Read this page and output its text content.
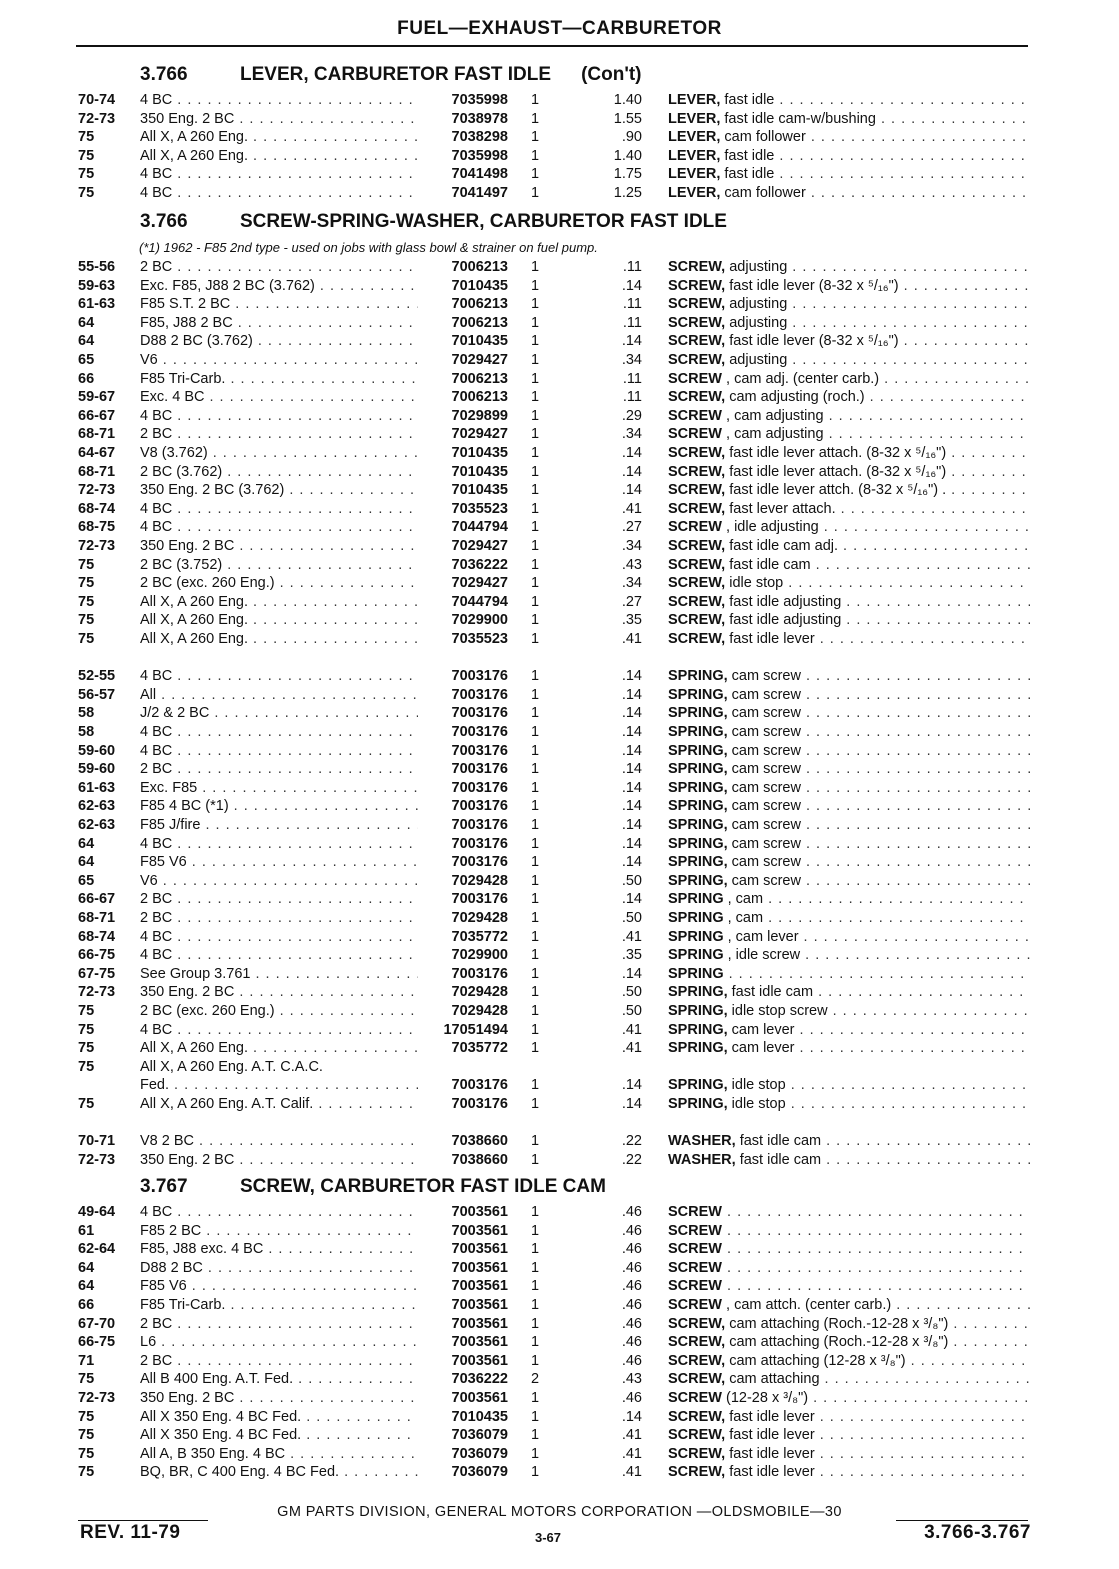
FUEL—EXHAUST—CARBURETOR
3.766	LEVER, CARBURETOR FAST IDLE (Con't)
70-74	4 BC . . .	7035998	1	1.40 LEVER, fast idle . . .
72-73	350 Eng. 2 BC . . .	7038978	1	1.55 LEVER, fast idle cam-w/bushing . . .
75	All X, A 260 Eng. . . .	7038298	1	.90 LEVER, cam follower . . .
75	All X, A 260 Eng. . . .	7035998	1	1.40 LEVER, fast idle . . .
75	4 BC . . .	7041498	1	1.75 LEVER, fast idle . . .
75	4 BC . . .	7041497	1	1.25 LEVER, cam follower . . .
3.766	SCREW-SPRING-WASHER, CARBURETOR FAST IDLE
(*1) 1962 - F85 2nd type - used on jobs with glass bowl & strainer on fuel pump.
55-56	2 BC . . .	7006213	1	.11 SCREW, adjusting . . .
59-63	Exc. F85, J88 2 BC (3.762) . . .	7010435	1	.14 SCREW, fast idle lever (8-32 x ⁵/₁₆") . . .
61-63	F85 S.T. 2 BC . . .	7006213	1	.11 SCREW, adjusting . . .
64	F85, J88 2 BC . . .	7006213	1	.11 SCREW, adjusting . . .
64	D88 2 BC (3.762) . . .	7010435	1	.14 SCREW, fast idle lever (8-32 x ⁵/₁₆") . . .
65	V6 . . .	7029427	1	.34 SCREW, adjusting . . .
66	F85 Tri-Carb. . . .	7006213	1	.11 SCREW , cam adj. (center carb.) . . .
59-67	Exc. 4 BC . . .	7006213	1	.11 SCREW, cam adjusting (roch.) . . .
66-67	4 BC . . .	7029899	1	.29 SCREW , cam adjusting . . .
68-71	2 BC . . .	7029427	1	.34 SCREW , cam adjusting . . .
64-67	V8 (3.762) . . .	7010435	1	.14 SCREW, fast idle lever attach. (8-32 x ⁵/₁₆") . . .
68-71	2 BC (3.762) . . .	7010435	1	.14 SCREW, fast idle lever attach. (8-32 x ⁵/₁₆") . . .
72-73	350 Eng. 2 BC (3.762) . . .	7010435	1	.14 SCREW, fast idle lever attch. (8-32 x ⁵/₁₆") . . . .
68-74	4 BC . . .	7035523	1	.41 SCREW, fast lever attach. . . .
68-75	4 BC . . .	7044794	1	.27 SCREW , idle adjusting . . .
72-73	350 Eng. 2 BC . . .	7029427	1	.34 SCREW, fast idle cam adj. . . .
75	2 BC (3.752) . . .	7036222	1	.43 SCREW, fast idle cam . . .
75	2 BC (exc. 260 Eng.) . . .	7029427	1	.34 SCREW, idle stop . . .
75	All X, A 260 Eng. . . .	7044794	1	.27 SCREW, fast idle adjusting . . .
75	All X, A 260 Eng. . . .	7029900	1	.35 SCREW, fast idle adjusting . . .
75	All X, A 260 Eng. . . .	7035523	1	.41 SCREW, fast idle lever . . .
52-55	4 BC . . .	7003176	1	.14 SPRING, cam screw . . .
56-57	All . . .	7003176	1	.14 SPRING, cam screw . . .
58	J/2 & 2 BC . . .	7003176	1	.14 SPRING, cam screw . . .
58	4 BC . . .	7003176	1	.14 SPRING, cam screw . . .
59-60	4 BC . . .	7003176	1	.14 SPRING, cam screw . . .
59-60	2 BC . . .	7003176	1	.14 SPRING, cam screw . . .
61-63	Exc. F85 . . .	7003176	1	.14 SPRING, cam screw . . .
62-63	F85 4 BC (*1) . . .	7003176	1	.14 SPRING, cam screw . . .
62-63	F85 J/fire . . .	7003176	1	.14 SPRING, cam screw . . .
64	4 BC . . .	7003176	1	.14 SPRING, cam screw . . .
64	F85 V6 . . .	7003176	1	.14 SPRING, cam screw . . .
65	V6 . . .	7029428	1	.50 SPRING, cam screw . . .
66-67	2 BC . . .	7003176	1	.14 SPRING , cam . . .
68-71	2 BC . . .	7029428	1	.50 SPRING , cam . . .
68-74	4 BC . . .	7035772	1	.41 SPRING , cam lever . . .
66-75	4 BC . . .	7029900	1	.35 SPRING , idle screw . . .
67-75	See Group 3.761 . . .	7003176	1	.14 SPRING . . .
72-73	350 Eng. 2 BC . . .	7029428	1	.50 SPRING, fast idle cam . . .
75	2 BC (exc. 260 Eng.) . . .	7029428	1	.50 SPRING, idle stop screw . . .
75	4 BC . . .	17051494	1	.41 SPRING, cam lever . . .
75	All X, A 260 Eng. . . .	7035772	1	.41 SPRING, cam lever . . .
75	All X, A 260 Eng. A.T. C.A.C.
Fed. . . .	7003176	1	.14 SPRING, idle stop . . .
75	All X, A 260 Eng. A.T. Calif. . . .	7003176	1	.14 SPRING, idle stop . . .
70-71	V8 2 BC . . .	7038660	1	.22 WASHER, fast idle cam . . .
72-73	350 Eng. 2 BC . . .	7038660	1	.22 WASHER, fast idle cam . . .
3.767	SCREW, CARBURETOR FAST IDLE CAM
49-64	4 BC . . .	7003561	1	.46 SCREW . . .
61	F85 2 BC . . .	7003561	1	.46 SCREW . . .
62-64	F85, J88 exc. 4 BC . . .	7003561	1	.46 SCREW . . .
64	D88 2 BC . . .	7003561	1	.46 SCREW . . .
64	F85 V6 . . .	7003561	1	.46 SCREW . . .
66	F85 Tri-Carb. . . .	7003561	1	.46 SCREW , cam attch. (center carb.) . . .
67-70	2 BC . . .	7003561	1	.46 SCREW, cam attaching (Roch.-12-28 x ³/₈") . . .
66-75	L6 . . .	7003561	1	.46 SCREW, cam attaching (Roch.-12-28 x ³/₈") . . .
71	2 BC . . .	7003561	1	.46 SCREW, cam attaching (12-28 x ³/₈") . . .
75	All B 400 Eng. A.T. Fed. . . .	7036222	2	.43 SCREW, cam attaching . . .
72-73	350 Eng. 2 BC . . .	7003561	1	.46 SCREW (12-28 x ³/₈") . . .
75	All X 350 Eng. 4 BC Fed. . . .	7010435	1	.14 SCREW, fast idle lever . . .
75	All X 350 Eng. 4 BC Fed. . . .	7036079	1	.41 SCREW, fast idle lever . . .
75	All A, B 350 Eng. 4 BC . . .	7036079	1	.41 SCREW, fast idle lever . . .
75	BQ, BR, C 400 Eng. 4 BC Fed. . . .	7036079	1	.41 SCREW, fast idle lever . . .
GM PARTS DIVISION, GENERAL MOTORS CORPORATION —OLDSMOBILE—30
REV. 11-79	3-67	3.766-3.767
